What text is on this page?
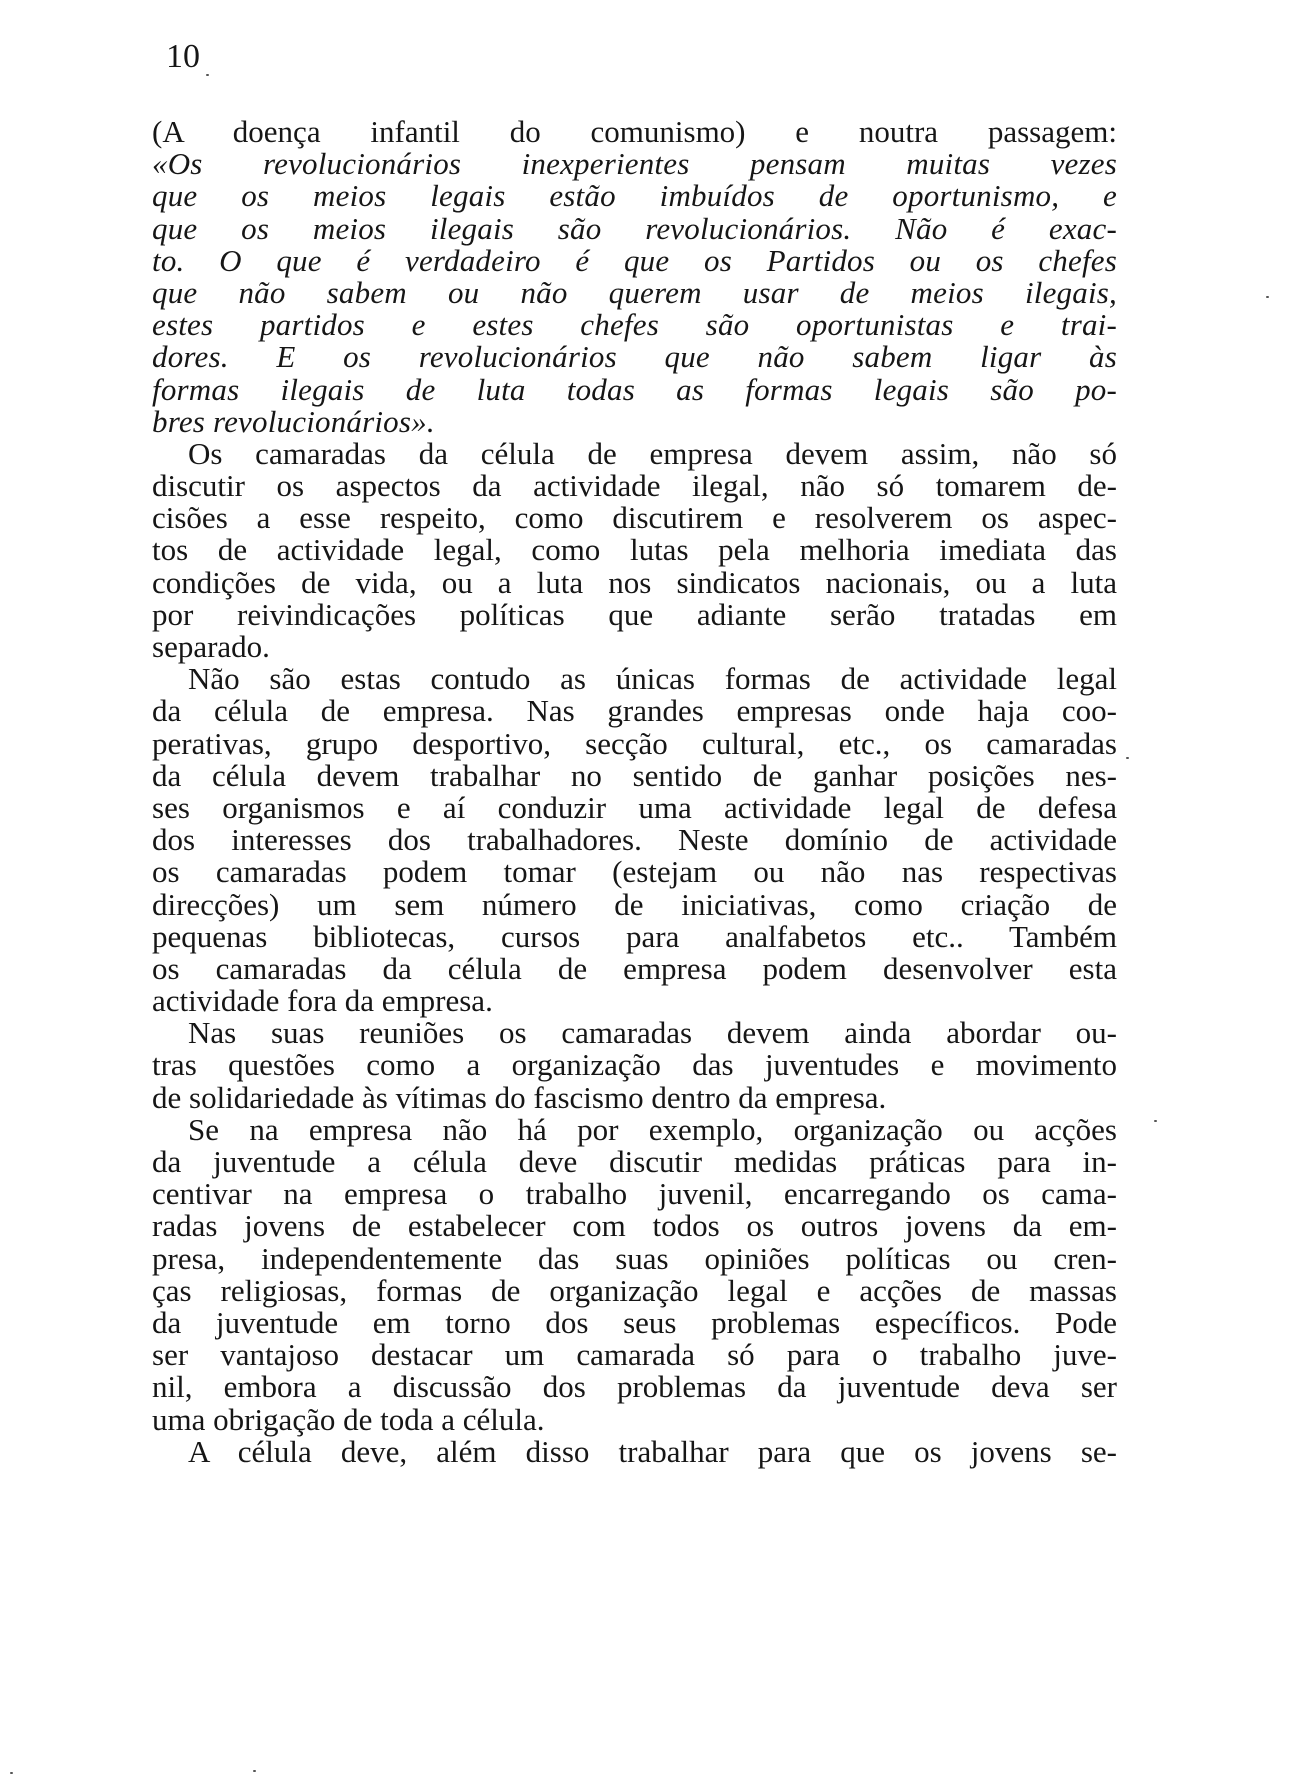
10
(A doença infantil do comunismo) e noutra passagem:
«Os revolucionários inexperientes pensam muitas vezes
que os meios legais estão imbuídos de oportunismo, e
que os meios ilegais são revolucionários. Não é exac-
to. O que é verdadeiro é que os Partidos ou os chefes
que não sabem ou não querem usar de meios ilegais,
estes partidos e estes chefes são oportunistas e trai-
dores. E os revolucionários que não sabem ligar às
formas ilegais de luta todas as formas legais são po-
bres revolucionários».
Os camaradas da célula de empresa devem assim, não só
discutir os aspectos da actividade ilegal, não só tomarem de-
cisões a esse respeito, como discutirem e resolverem os aspec-
tos de actividade legal, como lutas pela melhoria imediata das
condições de vida, ou a luta nos sindicatos nacionais, ou a luta
por reivindicações políticas que adiante serão tratadas em
separado.
Não são estas contudo as únicas formas de actividade legal
da célula de empresa. Nas grandes empresas onde haja coo-
perativas, grupo desportivo, secção cultural, etc., os camaradas
da célula devem trabalhar no sentido de ganhar posições nes-
ses organismos e aí conduzir uma actividade legal de defesa
dos interesses dos trabalhadores. Neste domínio de actividade
os camaradas podem tomar (estejam ou não nas respectivas
direcções) um sem número de iniciativas, como criação de
pequenas bibliotecas, cursos para analfabetos etc.. Também
os camaradas da célula de empresa podem desenvolver esta
actividade fora da empresa.
Nas suas reuniões os camaradas devem ainda abordar ou-
tras questões como a organização das juventudes e movimento
de solidariedade às vítimas do fascismo dentro da empresa.
Se na empresa não há por exemplo, organização ou acções
da juventude a célula deve discutir medidas práticas para in-
centivar na empresa o trabalho juvenil, encarregando os cama-
radas jovens de estabelecer com todos os outros jovens da em-
presa, independentemente das suas opiniões políticas ou cren-
ças religiosas, formas de organização legal e acções de massas
da juventude em torno dos seus problemas específicos. Pode
ser vantajoso destacar um camarada só para o trabalho juve-
nil, embora a discussão dos problemas da juventude deva ser
uma obrigação de toda a célula.
A célula deve, além disso trabalhar para que os jovens se-
